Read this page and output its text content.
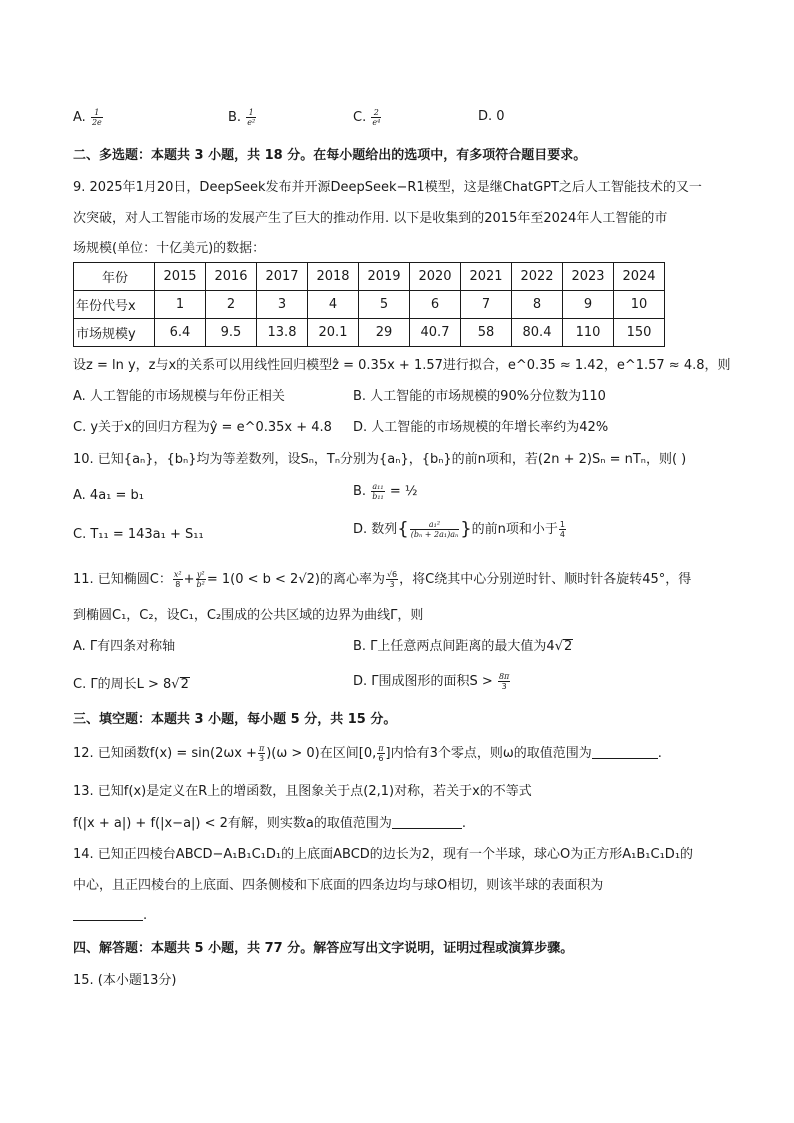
A. $\frac{1}{2e}$	B. $\frac{1}{\text{e²}}$	C. $\frac{2}{\text{e⁴}}$	D. 0
二、多选题：本题共 3 小题，共 18 分。在每小题给出的选项中，有多项符合题目要求。
9. 2025年1月20日，DeepSeek发布并开源DeepSeek−R1模型，这是继ChatGPT之后人工智能技术的又一
次突破，对人工智能市场的发展产生了巨大的推动作用. 以下是收集到的2015年至2024年人工智能的市
场规模(单位：十亿美元)的数据：
年份	2015	2016	2017	2018	2019	2020	2021	2022	2023	2024
年份代号x	1	2	3	4	5	6	7	8	9	10
市场规模y	6.4	9.5	13.8	20.1	29	40.7	58	80.4	110	150
设z = ln y，z与x的关系可以用线性回归模型ẑ = 0.35x + 1.57进行拟合，e^0.35 ≈ 1.42，e^1.57 ≈ 4.8，则
A. 人工智能的市场规模与年份正相关	B. 人工智能的市场规模的90%分位数为110
C. y关于x的回归方程为ŷ = e^0.35x + 4.8 D. 人工智能的市场规模的年增长率约为42%
10. 已知{aₙ}，{bₙ}均为等差数列，设Sₙ，Tₙ分别为{aₙ}，{bₙ}的前n项和，若(2n + 2)Sₙ = nTₙ，则( )
A. 4a₁ = b₁	B. $\frac{\text{a₁₁}}{\text{b₁₁}}$ = ½
C. T₁₁ = 143a₁ + S₁₁	D. 数列{ $\frac{\text{a₁²}}{\text{(bₙ + 2a₁)aₙ}}$ }的前n项和小于 $\frac{1}{4}$
11. 已知椭圆C： $\frac{\text{x²}}{8} + \frac{\text{y²}}{\text{b²}} = 1(0 < b < 2√2)$的离心率为 $\frac{√6}{3}$ ，将C绕其中心分别逆时针、顺时针各旋转45°，得
到椭圆C₁，C₂，设C₁，C₂围成的公共区域的边界为曲线Γ，则
A. Γ有四条对称轴	B. Γ上任意两点间距离的最大值为4√2
C. Γ的周长L > 8√2	D. Γ围成图形的面积$S > \frac{8\pi}{3}$
三、填空题：本题共 3 小题，每小题 5 分，共 15 分。
12. 已知函数$f(x) = \sin(2\omega x + \frac{\pi}{3} )(\omega > 0)$在区间[0, $\frac{\pi}{6}$ ]内恰有3个零点，则ω的取值范围为	.
13. 已知f(x)是定义在R上的增函数，且图象关于点(2,1)对称，若关于x的不等式
f(|x + a|) + f(|x−a|) < 2有解，则实数a的取值范围为	.
14. 已知正四棱台ABCD−A₁B₁C₁D₁的上底面ABCD的边长为2，现有一个半球，球心O为正方形A₁B₁C₁D₁的
中心，且正四棱台的上底面、四条侧棱和下底面的四条边均与球O相切，则该半球的表面积为
.
四、解答题：本题共 5 小题，共 77 分。解答应写出文字说明，证明过程或演算步骤。
15. (本小题13分)
